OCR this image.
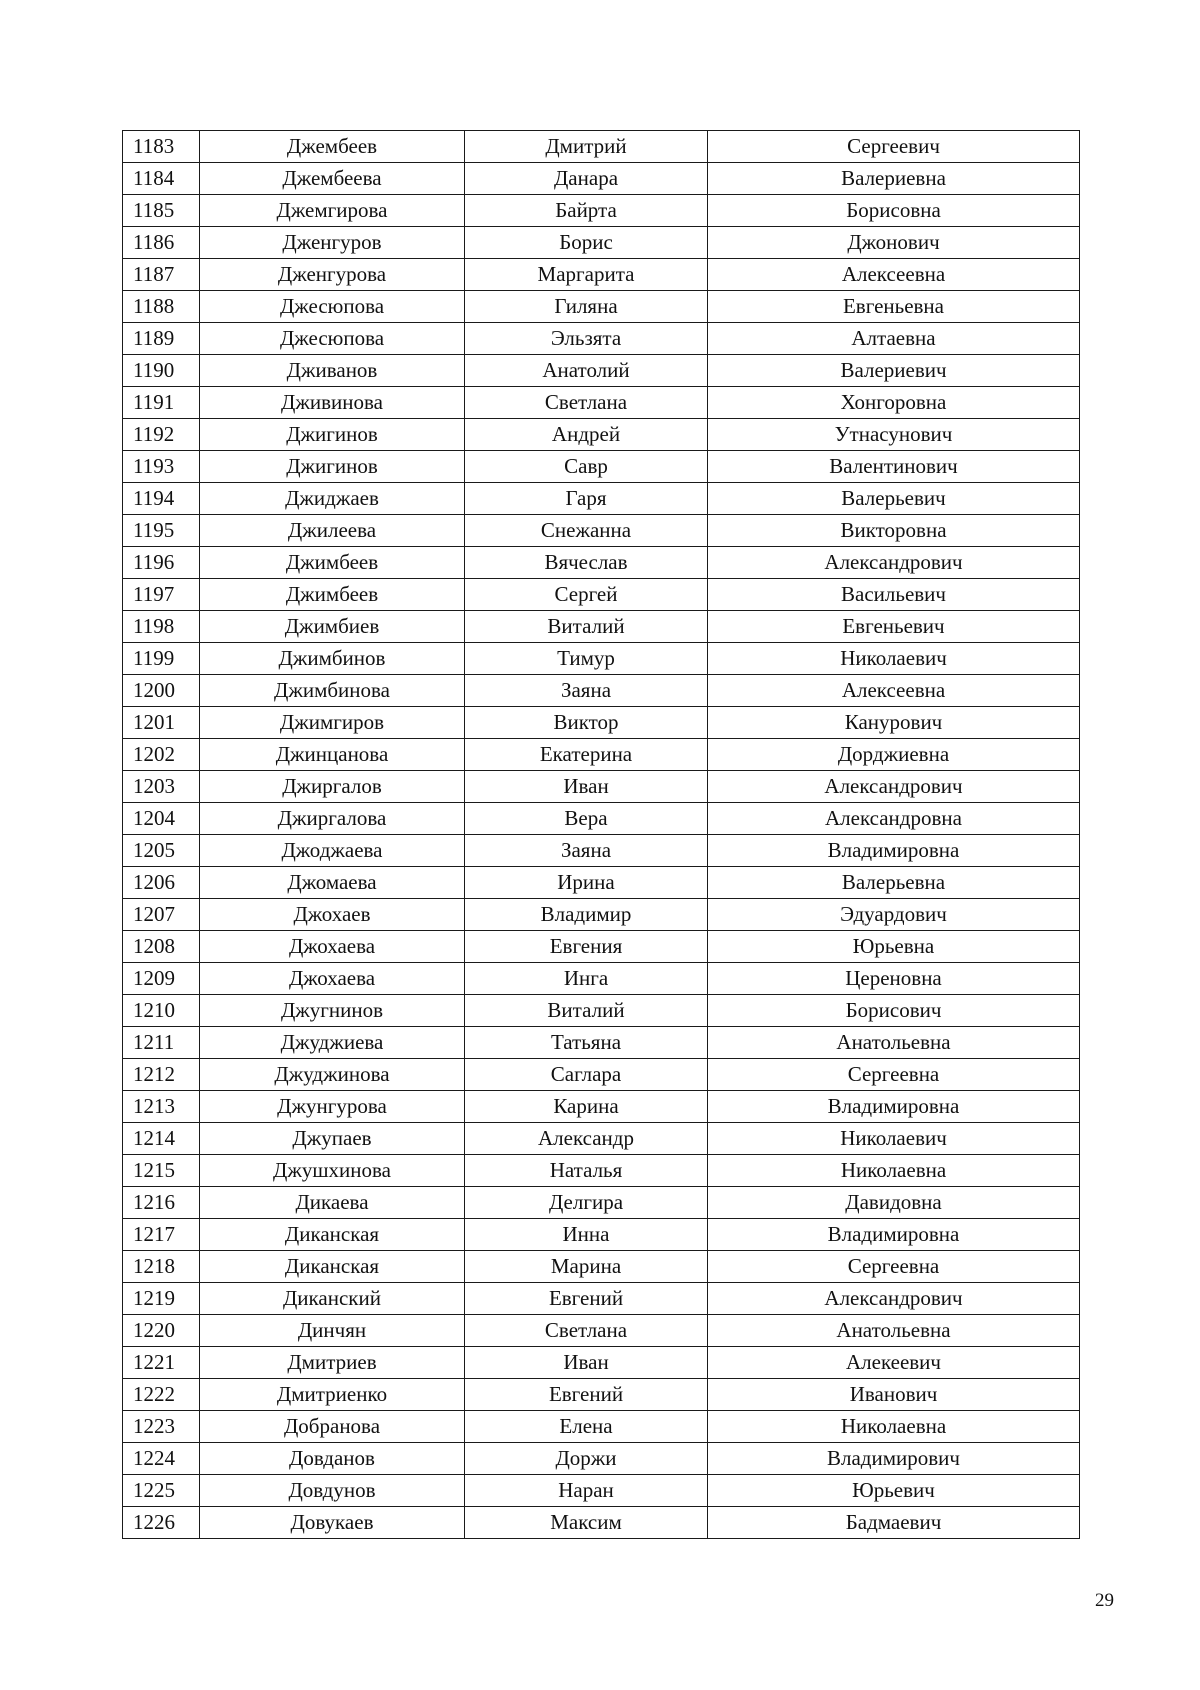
1183	Джембеев	Дмитрий	Сергеевич
1184	Джембеева	Данара	Валериевна
1185	Джемгирова	Байрта	Борисовна
1186	Дженгуров	Борис	Джонович
1187	Дженгурова	Маргарита	Алексеевна
1188	Джесюпова	Гиляна	Евгеньевна
1189	Джесюпова	Эльзята	Алтаевна
1190	Дживанов	Анатолий	Валериевич
1191	Дживинова	Светлана	Хонгоровна
1192	Джигинов	Андрей	Утнасунович
1193	Джигинов	Савр	Валентинович
1194	Джиджаев	Гаря	Валерьевич
1195	Джилеева	Снежанна	Викторовна
1196	Джимбеев	Вячеслав	Александрович
1197	Джимбеев	Сергей	Васильевич
1198	Джимбиев	Виталий	Евгеньевич
1199	Джимбинов	Тимур	Николаевич
1200	Джимбинова	Заяна	Алексеевна
1201	Джимгиров	Виктор	Канурович
1202	Джинцанова	Екатерина	Дорджиевна
1203	Джиргалов	Иван	Александрович
1204	Джиргалова	Вера	Александровна
1205	Джоджаева	Заяна	Владимировна
1206	Джомаева	Ирина	Валерьевна
1207	Джохаев	Владимир	Эдуардович
1208	Джохаева	Евгения	Юрьевна
1209	Джохаева	Инга	Цереновна
1210	Джугнинов	Виталий	Борисович
1211	Джуджиева	Татьяна	Анатольевна
1212	Джуджинова	Саглара	Сергеевна
1213	Джунгурова	Карина	Владимировна
1214	Джупаев	Александр	Николаевич
1215	Джушхинова	Наталья	Николаевна
1216	Дикаева	Делгира	Давидовна
1217	Диканская	Инна	Владимировна
1218	Диканская	Марина	Сергеевна
1219	Диканский	Евгений	Александрович
1220	Динчян	Светлана	Анатольевна
1221	Дмитриев	Иван	Алекеевич
1222	Дмитриенко	Евгений	Иванович
1223	Добранова	Елена	Николаевна
1224	Довданов	Доржи	Владимирович
1225	Довдунов	Наран	Юрьевич
1226	Довукаев	Максим	Бадмаевич
29
